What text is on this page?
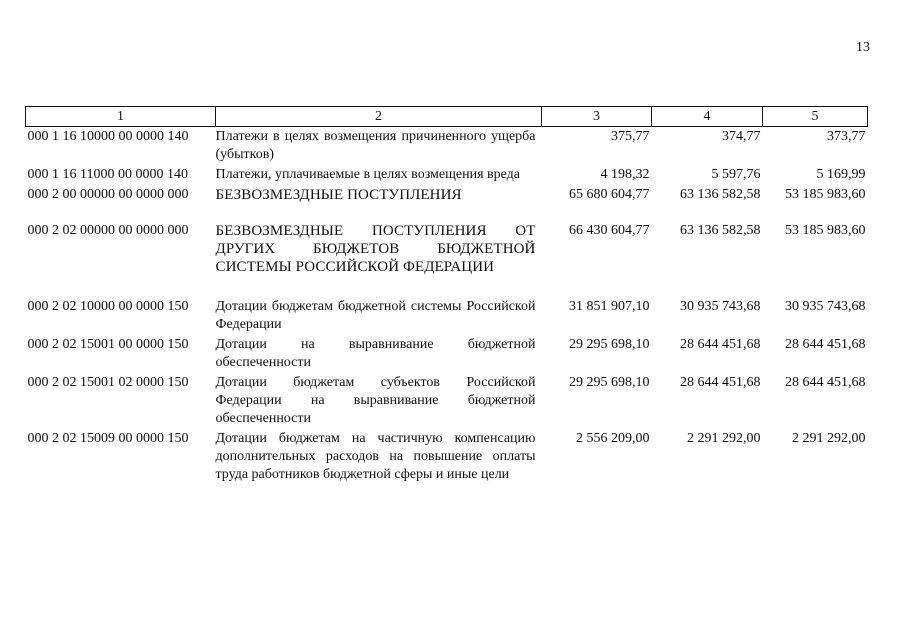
13
1	2	3	4	5
000 1 16 10000 00 0000 140	Платежи в целях возмещения причиненного ущерба (убытков)	375,77	374,77	373,77
000 1 16 11000 00 0000 140	Платежи, уплачиваемые в целях возмещения вреда	4 198,32	5 597,76	5 169,99
000 2 00 00000 00 0000 000	БЕЗВОЗМЕЗДНЫЕ ПОСТУПЛЕНИЯ	65 680 604,77	63 136 582,58	53 185 983,60
000 2 02 00000 00 0000 000	БЕЗВОЗМЕЗДНЫЕ ПОСТУПЛЕНИЯ ОТ ДРУГИХ БЮДЖЕТОВ БЮДЖЕТНОЙ СИСТЕМЫ РОССИЙСКОЙ ФЕДЕРАЦИИ	66 430 604,77	63 136 582,58	53 185 983,60
000 2 02 10000 00 0000 150	Дотации бюджетам бюджетной системы Российской Федерации	31 851 907,10	30 935 743,68	30 935 743,68
000 2 02 15001 00 0000 150	Дотации на выравнивание бюджетной обеспеченности	29 295 698,10	28 644 451,68	28 644 451,68
000 2 02 15001 02 0000 150	Дотации бюджетам субъектов Российской Федерации на выравнивание бюджетной обеспеченности	29 295 698,10	28 644 451,68	28 644 451,68
000 2 02 15009 00 0000 150	Дотации бюджетам на частичную компенсацию дополнительных расходов на повышение оплаты труда работников бюджетной сферы и иные цели	2 556 209,00	2 291 292,00	2 291 292,00
